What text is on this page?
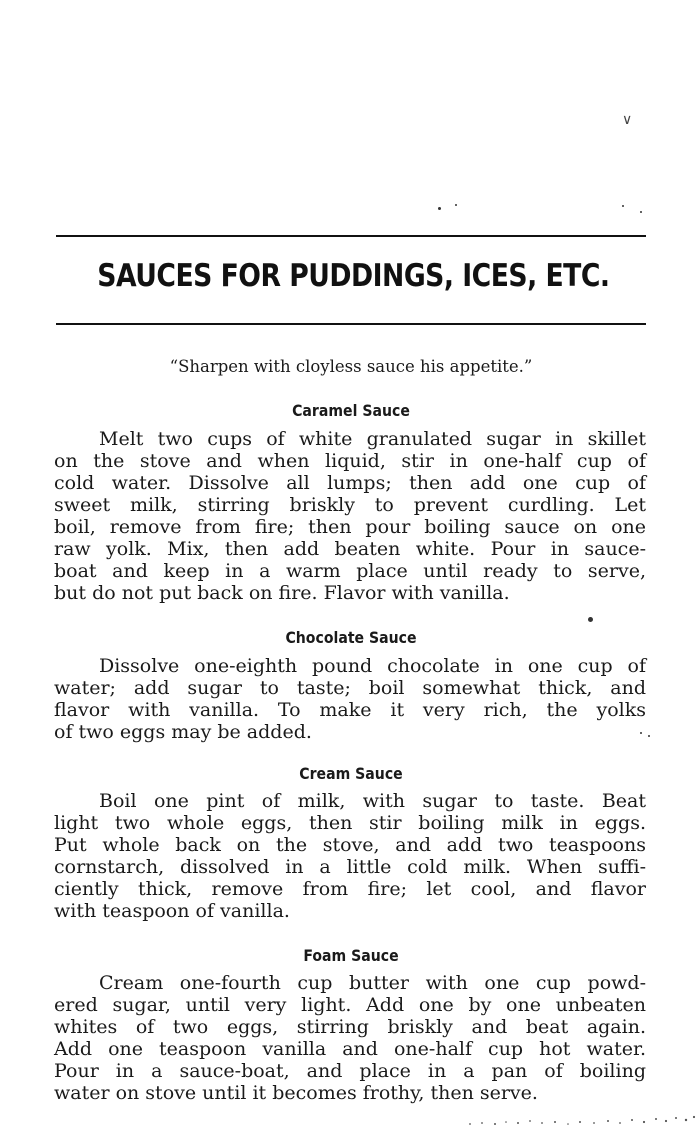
∨
SAUCES FOR PUDDINGS, ICES, ETC.
“Sharpen with cloyless sauce his appetite.”
Caramel Sauce
Melt two cups of white granulated sugar in skillet
on the stove and when liquid, stir in one-half cup of
cold water. Dissolve all lumps; then add one cup of
sweet milk, stirring briskly to prevent curdling. Let
boil, remove from fire; then pour boiling sauce on one
raw yolk. Mix, then add beaten white. Pour in sauce-
boat and keep in a warm place until ready to serve,
but do not put back on fire. Flavor with vanilla.
Chocolate Sauce
Dissolve one-eighth pound chocolate in one cup of
water; add sugar to taste; boil somewhat thick, and
flavor with vanilla. To make it very rich, the yolks
of two eggs may be added.
Cream Sauce
Boil one pint of milk, with sugar to taste. Beat
light two whole eggs, then stir boiling milk in eggs.
Put whole back on the stove, and add two teaspoons
cornstarch, dissolved in a little cold milk. When suffi-
ciently thick, remove from fire; let cool, and flavor
with teaspoon of vanilla.
Foam Sauce
Cream one-fourth cup butter with one cup powd-
ered sugar, until very light. Add one by one unbeaten
whites of two eggs, stirring briskly and beat again.
Add one teaspoon vanilla and one-half cup hot water.
Pour in a sauce-boat, and place in a pan of boiling
water on stove until it becomes frothy, then serve.
